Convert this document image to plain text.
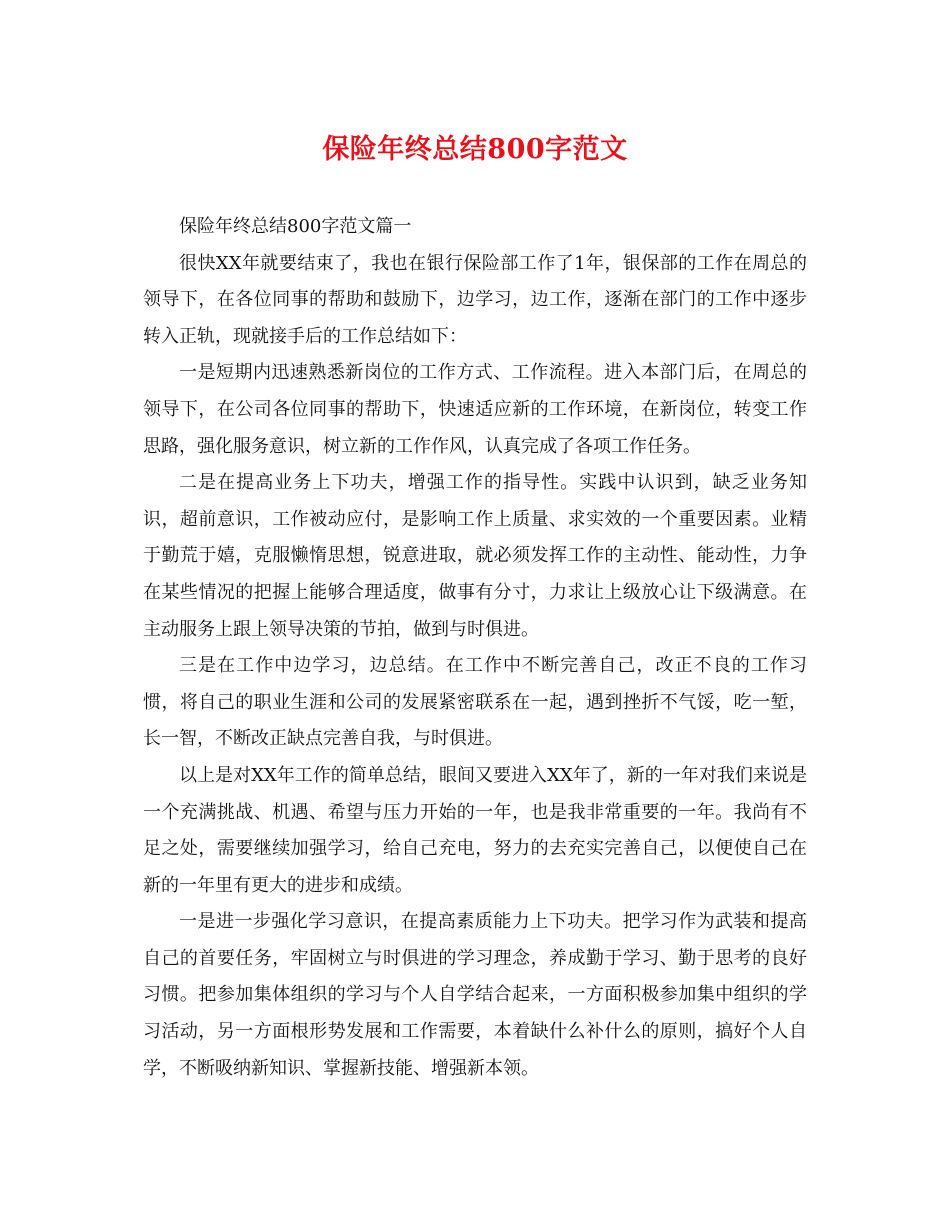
保险年终总结800字范文

保险年终总结800字范文篇一

很快XX年就要结束了，我也在银行保险部工作了1年，银保部的工作在周总的领导下，在各位同事的帮助和鼓励下，边学习，边工作，逐渐在部门的工作中逐步转入正轨，现就接手后的工作总结如下：

一是短期内迅速熟悉新岗位的工作方式、工作流程。进入本部门后，在周总的领导下，在公司各位同事的帮助下，快速适应新的工作环境，在新岗位，转变工作思路，强化服务意识，树立新的工作作风，认真完成了各项工作任务。

二是在提高业务上下功夫，增强工作的指导性。实践中认识到，缺乏业务知识，超前意识，工作被动应付，是影响工作上质量、求实效的一个重要因素。业精于勤荒于嬉，克服懒惰思想，锐意进取，就必须发挥工作的主动性、能动性，力争在某些情况的把握上能够合理适度，做事有分寸，力求让上级放心让下级满意。在主动服务上跟上领导决策的节拍，做到与时俱进。

三是在工作中边学习，边总结。在工作中不断完善自己，改正不良的工作习惯，将自己的职业生涯和公司的发展紧密联系在一起，遇到挫折不气馁，吃一堑，长一智，不断改正缺点完善自我，与时俱进。

以上是对XX年工作的简单总结，眼间又要进入XX年了，新的一年对我们来说是一个充满挑战、机遇、希望与压力开始的一年，也是我非常重要的一年。我尚有不足之处，需要继续加强学习，给自己充电，努力的去充实完善自己，以便使自己在新的一年里有更大的进步和成绩。

一是进一步强化学习意识，在提高素质能力上下功夫。把学习作为武装和提高自己的首要任务，牢固树立与时俱进的学习理念，养成勤于学习、勤于思考的良好习惯。把参加集体组织的学习与个人自学结合起来，一方面积极参加集中组织的学习活动，另一方面根形势发展和工作需要，本着缺什么补什么的原则，搞好个人自学，不断吸纳新知识、掌握新技能、增强新本领。
